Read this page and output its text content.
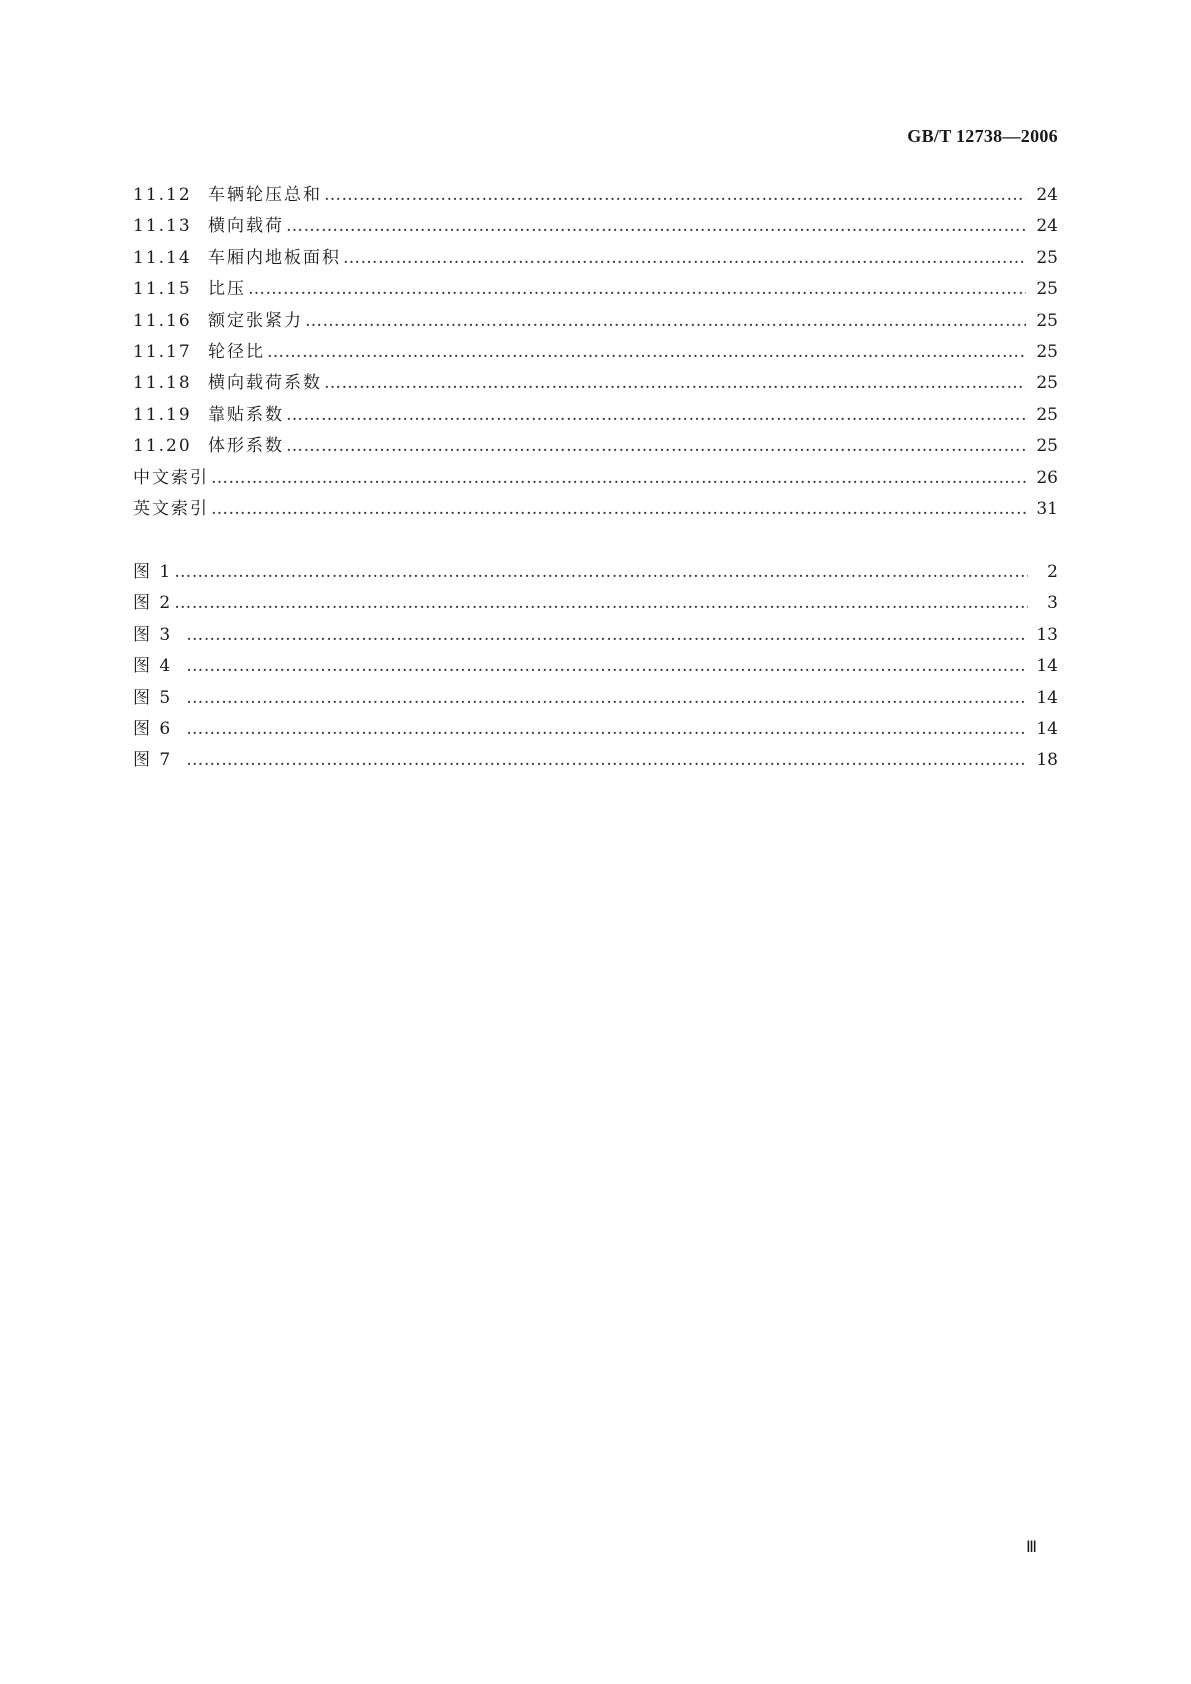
GB/T 12738—2006
11.12 车辆轮压总和 ……………………………………………………………………………………………………………………………………………………………………………………………………………………	24
11.13 横向载荷 ……………………………………………………………………………………………………………………………………………………………………………………………………………………	24
11.14 车厢内地板面积 ……………………………………………………………………………………………………………………………………………………………………………………………………………………	25
11.15 比压 ……………………………………………………………………………………………………………………………………………………………………………………………………………………	25
11.16 额定张紧力 ……………………………………………………………………………………………………………………………………………………………………………………………………………………	25
11.17 轮径比 ……………………………………………………………………………………………………………………………………………………………………………………………………………………	25
11.18 横向载荷系数 ……………………………………………………………………………………………………………………………………………………………………………………………………………………	25
11.19 靠贴系数 ……………………………………………………………………………………………………………………………………………………………………………………………………………………	25
11.20 体形系数 ……………………………………………………………………………………………………………………………………………………………………………………………………………………	25
中文索引 ……………………………………………………………………………………………………………………………………………………………………………………………………………………	26
英文索引 ……………………………………………………………………………………………………………………………………………………………………………………………………………………	31
图 1 ……………………………………………………………………………………………………………………………………………………………………………………………………………………	2
图 2 ……………………………………………………………………………………………………………………………………………………………………………………………………………………	3
图 3 ……………………………………………………………………………………………………………………………………………………………………………………………………………………	13
图 4 ……………………………………………………………………………………………………………………………………………………………………………………………………………………	14
图 5 ……………………………………………………………………………………………………………………………………………………………………………………………………………………	14
图 6 ……………………………………………………………………………………………………………………………………………………………………………………………………………………	14
图 7 ……………………………………………………………………………………………………………………………………………………………………………………………………………………	18
Ⅲ
